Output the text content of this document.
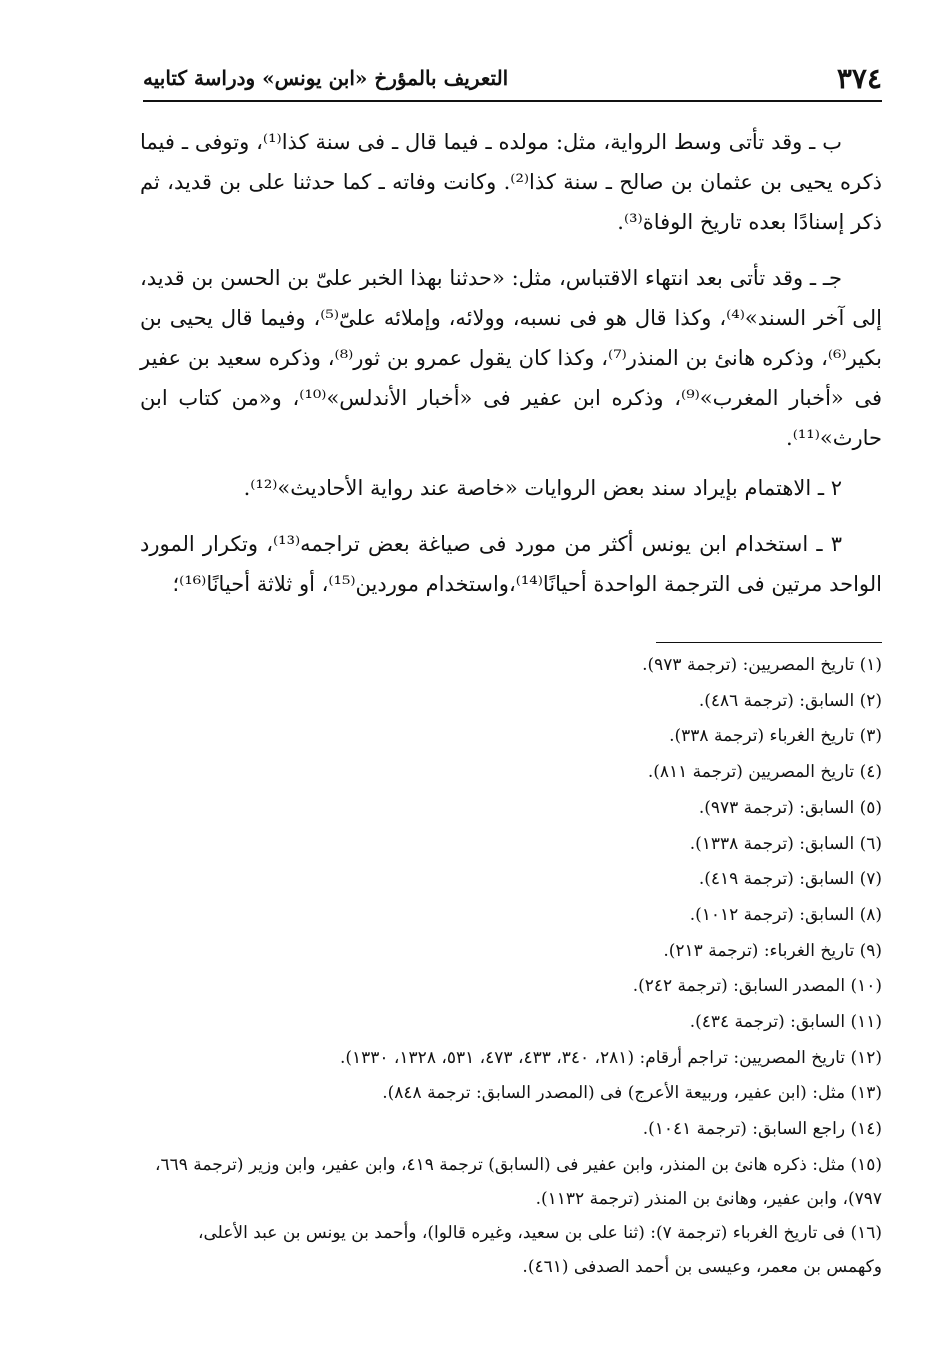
٣٧٤
التعريف بالمؤرخ «ابن يونس» ودراسة كتابيه

ب ـ وقد تأتى وسط الرواية، مثل: مولده ـ فيما قال ـ فى سنة كذا⁽¹⁾، وتوفى ـ فيما ذكره يحيى بن عثمان بن صالح ـ سنة كذا⁽²⁾. وكانت وفاته ـ كما حدثنا على بن قديد، ثم ذكر إسنادًا بعده تاريخ الوفاة⁽³⁾.

جـ ـ وقد تأتى بعد انتهاء الاقتباس، مثل: «حدثنا بهذا الخبر علىّ بن الحسن بن قديد، إلى آخر السند»⁽⁴⁾، وكذا قال هو فى نسبه، وولائه، وإملائه علىّ⁽⁵⁾، وفيما قال يحيى بن بكير⁽⁶⁾، وذكره هانئ بن المنذر⁽⁷⁾، وكذا كان يقول عمرو بن ثور⁽⁸⁾، وذكره سعيد بن عفير فى «أخبار المغرب»⁽⁹⁾، وذكره ابن عفير فى «أخبار الأندلس»⁽¹⁰⁾، و«من كتاب ابن حارث»⁽¹¹⁾.

٢ ـ الاهتمام بإيراد سند بعض الروايات «خاصة عند رواية الأحاديث»⁽¹²⁾.

٣ ـ استخدام ابن يونس أكثر من مورد فى صياغة بعض تراجمه⁽¹³⁾، وتكرار المورد الواحد مرتين فى الترجمة الواحدة أحيانًا⁽¹⁴⁾،واستخدام موردين⁽¹⁵⁾، أو ثلاثة أحيانًا⁽¹⁶⁾؛

(١) تاريخ المصريين: (ترجمة ٩٧٣).

(٢) السابق: (ترجمة ٤٨٦).

(٣) تاريخ الغرباء (ترجمة ٣٣٨).

(٤) تاريخ المصريين (ترجمة ٨١١).

(٥) السابق: (ترجمة ٩٧٣).

(٦) السابق: (ترجمة ١٣٣٨).

(٧) السابق: (ترجمة ٤١٩).

(٨) السابق: (ترجمة ١٠١٢).

(٩) تاريخ الغرباء: (ترجمة ٢١٣).

(١٠) المصدر السابق: (ترجمة ٢٤٢).

(١١) السابق: (ترجمة ٤٣٤).

(١٢) تاريخ المصريين: تراجم أرقام: (٢٨١، ٣٤٠، ٤٣٣، ٤٧٣، ٥٣١، ١٣٢٨، ١٣٣٠).

(١٣) مثل: (ابن عفير، وربيعة الأعرج) فى (المصدر السابق: ترجمة ٨٤٨).

(١٤) راجع السابق: (ترجمة ١٠٤١).

(١٥) مثل: ذكره هانئ بن المنذر، وابن عفير فى (السابق) ترجمة ٤١٩، وابن عفير، وابن وزير (ترجمة ٦٦٩، ٧٩٧)، وابن عفير، وهانئ بن المنذر (ترجمة ١١٣٢).

(١٦) فى تاريخ الغرباء (ترجمة ٧): (ثنا على بن سعيد، وغيره قالوا)، وأحمد بن يونس بن عبد الأعلى، وكهمس بن معمر، وعيسى بن أحمد الصدفى (٤٦١).
